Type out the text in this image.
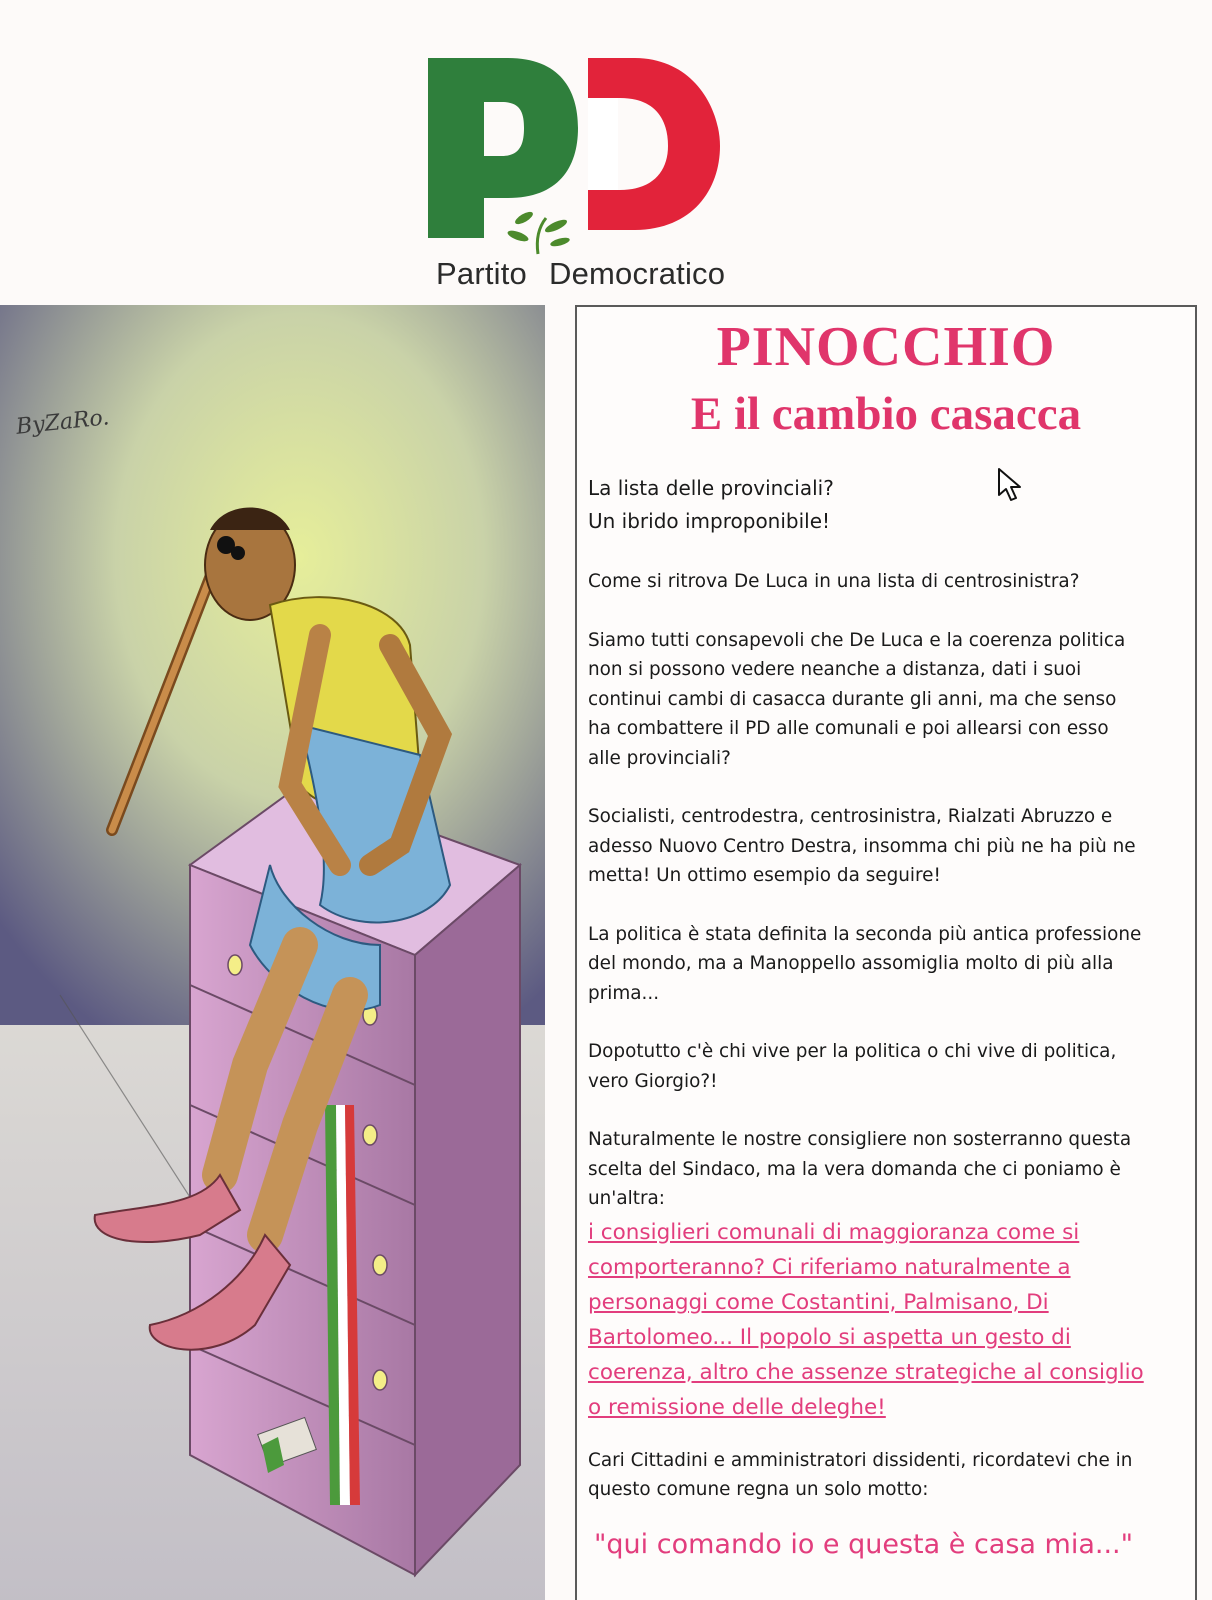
Partito Democratico
ByZaRo.
PINOCCHIO
E il cambio casacca

La lista delle provinciali?

Un ibrido improponibile!

Come si ritrova De Luca in una lista di centrosinistra?

Siamo tutti consapevoli che De Luca e la coerenza politica

non si possono vedere neanche a distanza, dati i suoi

continui cambi di casacca durante gli anni, ma che senso

ha combattere il PD alle comunali e poi allearsi con esso

alle provinciali?

Socialisti, centrodestra, centrosinistra, Rialzati Abruzzo e

adesso Nuovo Centro Destra, insomma chi più ne ha più ne

metta! Un ottimo esempio da seguire!

La politica è stata definita la seconda più antica professione

del mondo, ma a Manoppello assomiglia molto di più alla

prima...

Dopotutto c'è chi vive per la politica o chi vive di politica,

vero Giorgio?!

Naturalmente le nostre consigliere non sosterranno questa

scelta del Sindaco, ma la vera domanda che ci poniamo è

un'altra:

i consiglieri comunali di maggioranza come si

comporteranno? Ci riferiamo naturalmente a

personaggi come Costantini, Palmisano, Di

Bartolomeo... Il popolo si aspetta un gesto di

coerenza, altro che assenze strategiche al consiglio

o remissione delle deleghe!

Cari Cittadini e amministratori dissidenti, ricordatevi che in

questo comune regna un solo motto:

"qui comando io e questa è casa mia..."
